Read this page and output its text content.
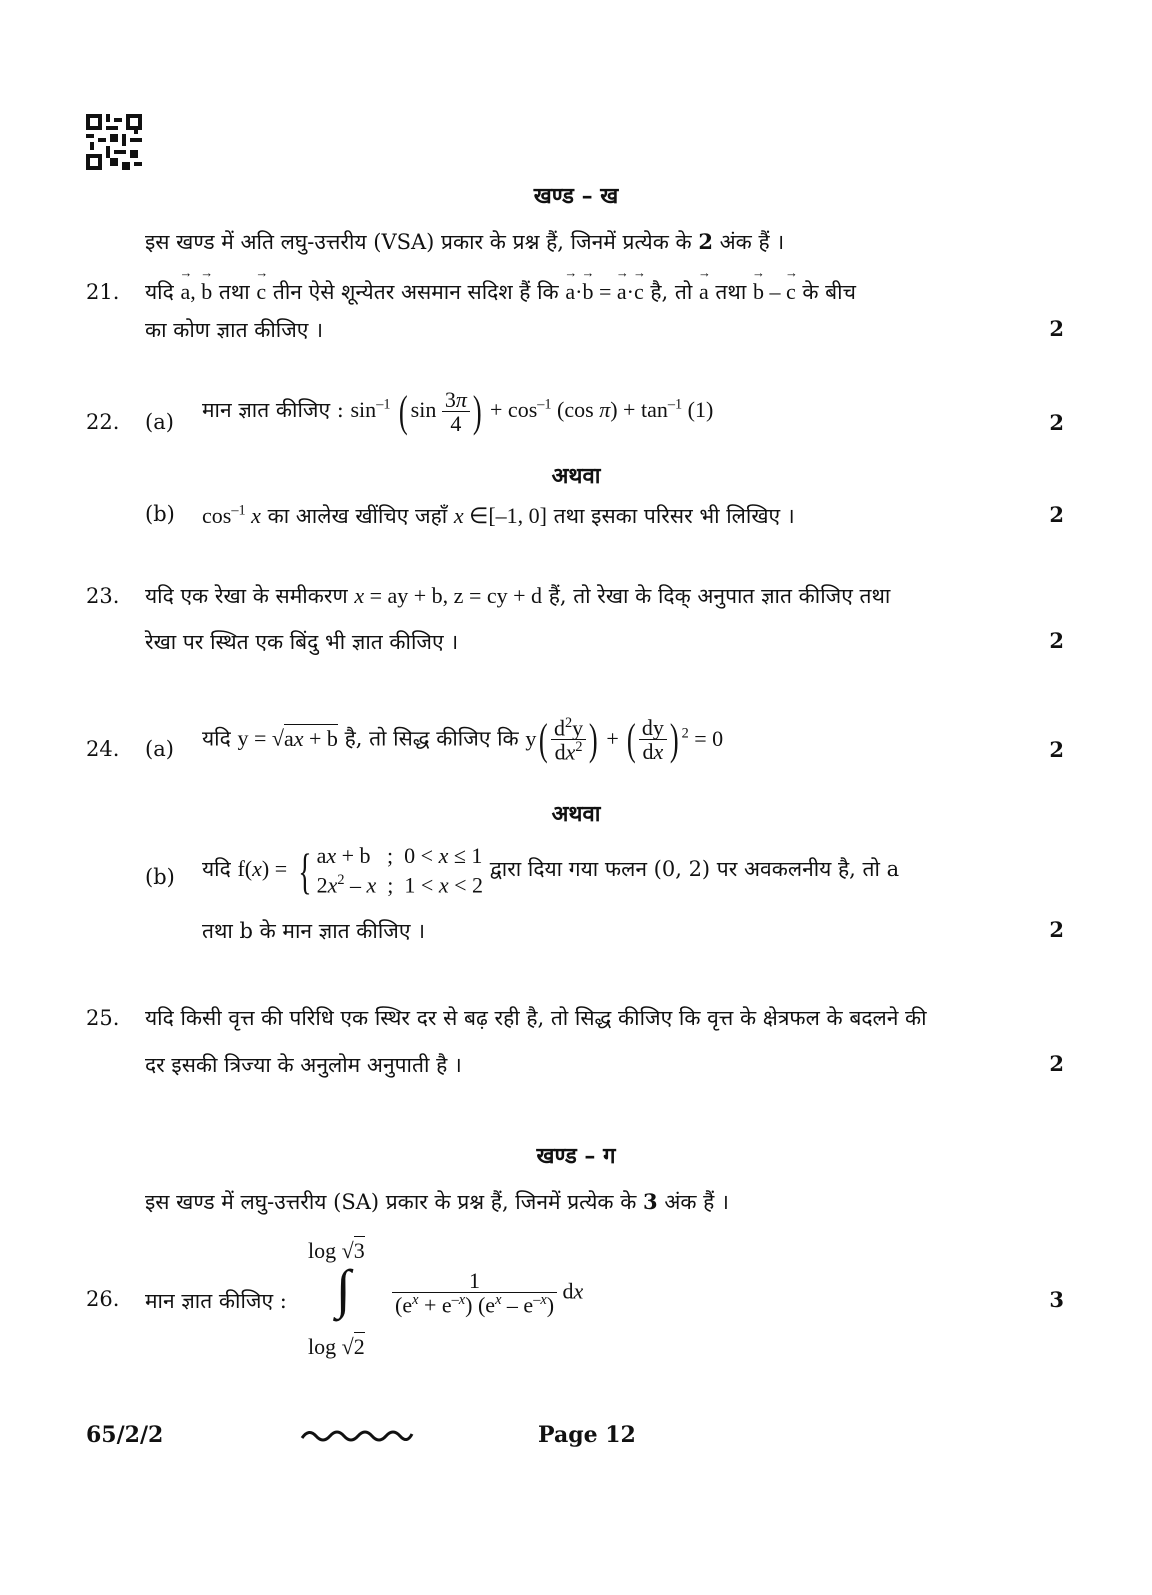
खण्ड – ख
इस खण्ड में अति लघु-उत्तरीय (VSA) प्रकार के प्रश्न हैं, जिनमें प्रत्येक के 2 अंक हैं ।
21. यदि → a, → b तथा → c तीन ऐसे शून्येतर असमान सदिश हैं कि → a·→ b = → a·→ c है, तो → a तथा → b – → c के बीच
का कोण ज्ञात कीजिए ।	2
22. (a) मान ज्ञात कीजिए : $\sin^{-1}$ ( $\sin \frac{3\pi}{4}$ ) + $\cos^{-1} (\cos$ $\pi) + \tan^{-1} (1)$
2
अथवा
(b) $\cos^{-1} x$ का आलेख खींचिए जहाँ x ∈[–1, 0] तथा इसका परिसर भी लिखिए ।	2
23. यदि एक रेखा के समीकरण x = ay + b, z = cy + d हैं, तो रेखा के दिक् अनुपात ज्ञात कीजिए तथा
रेखा पर स्थित एक बिंदु भी ज्ञात कीजिए ।	2
24. (a) यदि y = √ax + b है, तो सिद्ध कीजिए कि $y( \frac{d^2y}{dx^2}$ ) + ( $\frac{dy}{dx}$ ) $^2$ = 0	2
अथवा
(b) यदि f(x) = { ax + b   ;  0 < x ≤ 1
$2x^2$ – x  ;  1 < x < 2 द्वारा दिया गया फलन (0, 2) पर अवकलनीय है, तो a
तथा b के मान ज्ञात कीजिए ।	2
25. यदि किसी वृत्त की परिधि एक स्थिर दर से बढ़ रही है, तो सिद्ध कीजिए कि वृत्त के क्षेत्रफल के बदलने की
दर इसकी त्रिज्या के अनुलोम अनुपाती है ।	2
खण्ड – ग
इस खण्ड में लघु-उत्तरीय (SA) प्रकार के प्रश्न हैं, जिनमें प्रत्येक के 3 अंक हैं ।
26. मान ज्ञात कीजिए :
log √3
∫
log √2
$\frac{1}{(e^x + e^{-x}) (e^x - e^{-x})}$ dx	3
65/2/2	Page 12
